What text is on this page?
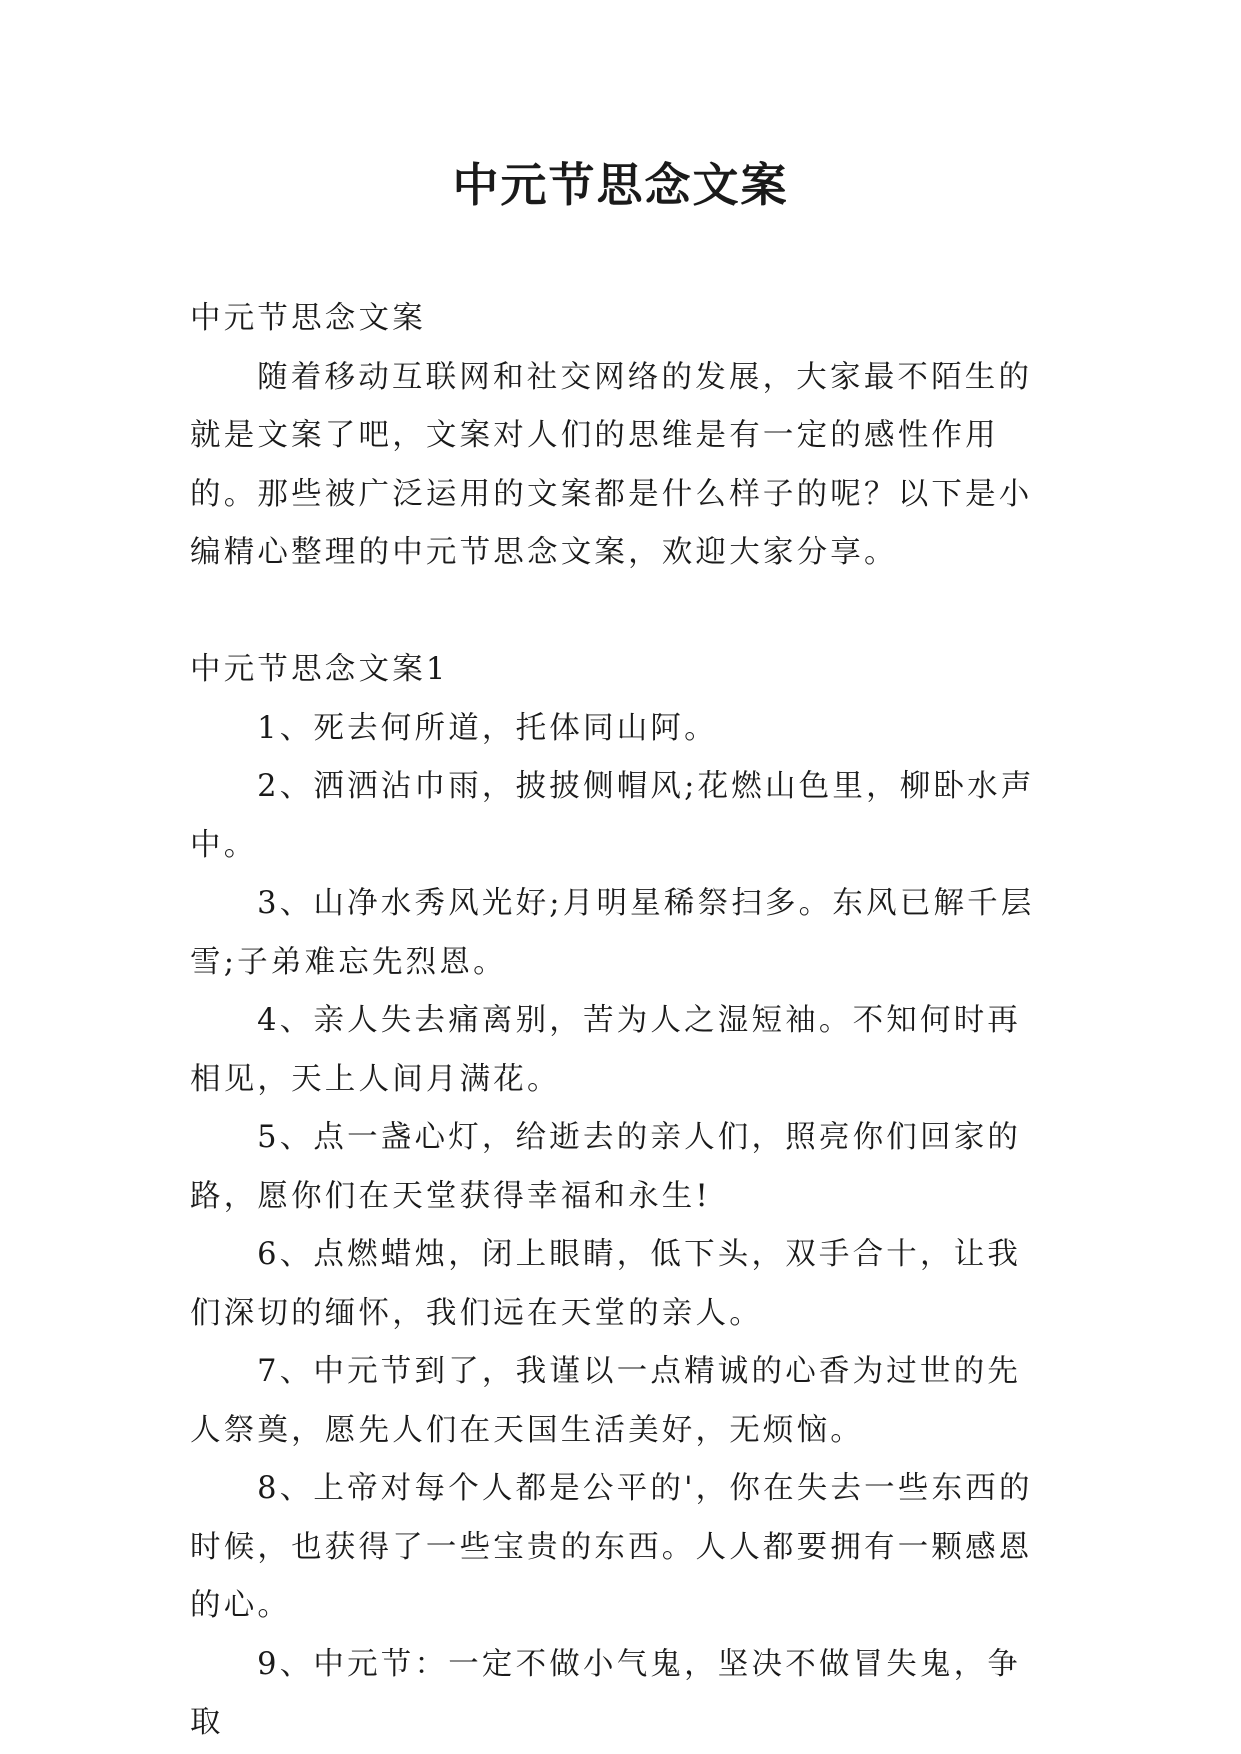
中元节思念文案

中元节思念文案

随着移动互联网和社交网络的发展，大家最不陌生的就是文案了吧，文案对人们的思维是有一定的感性作用的。那些被广泛运用的文案都是什么样子的呢？以下是小编精心整理的中元节思念文案，欢迎大家分享。

中元节思念文案1

1、死去何所道，托体同山阿。

2、洒洒沾巾雨，披披侧帽风;花燃山色里，柳卧水声中。

3、山净水秀风光好;月明星稀祭扫多。东风已解千层雪;子弟难忘先烈恩。

4、亲人失去痛离别，苦为人之湿短袖。不知何时再相见，天上人间月满花。

5、点一盏心灯，给逝去的亲人们，照亮你们回家的路，愿你们在天堂获得幸福和永生!

6、点燃蜡烛，闭上眼睛，低下头，双手合十，让我们深切的缅怀，我们远在天堂的亲人。

7、中元节到了，我谨以一点精诚的心香为过世的先人祭奠，愿先人们在天国生活美好，无烦恼。

8、上帝对每个人都是公平的'，你在失去一些东西的时候，也获得了一些宝贵的东西。人人都要拥有一颗感恩的心。

9、中元节：一定不做小气鬼，坚决不做冒失鬼，争取
